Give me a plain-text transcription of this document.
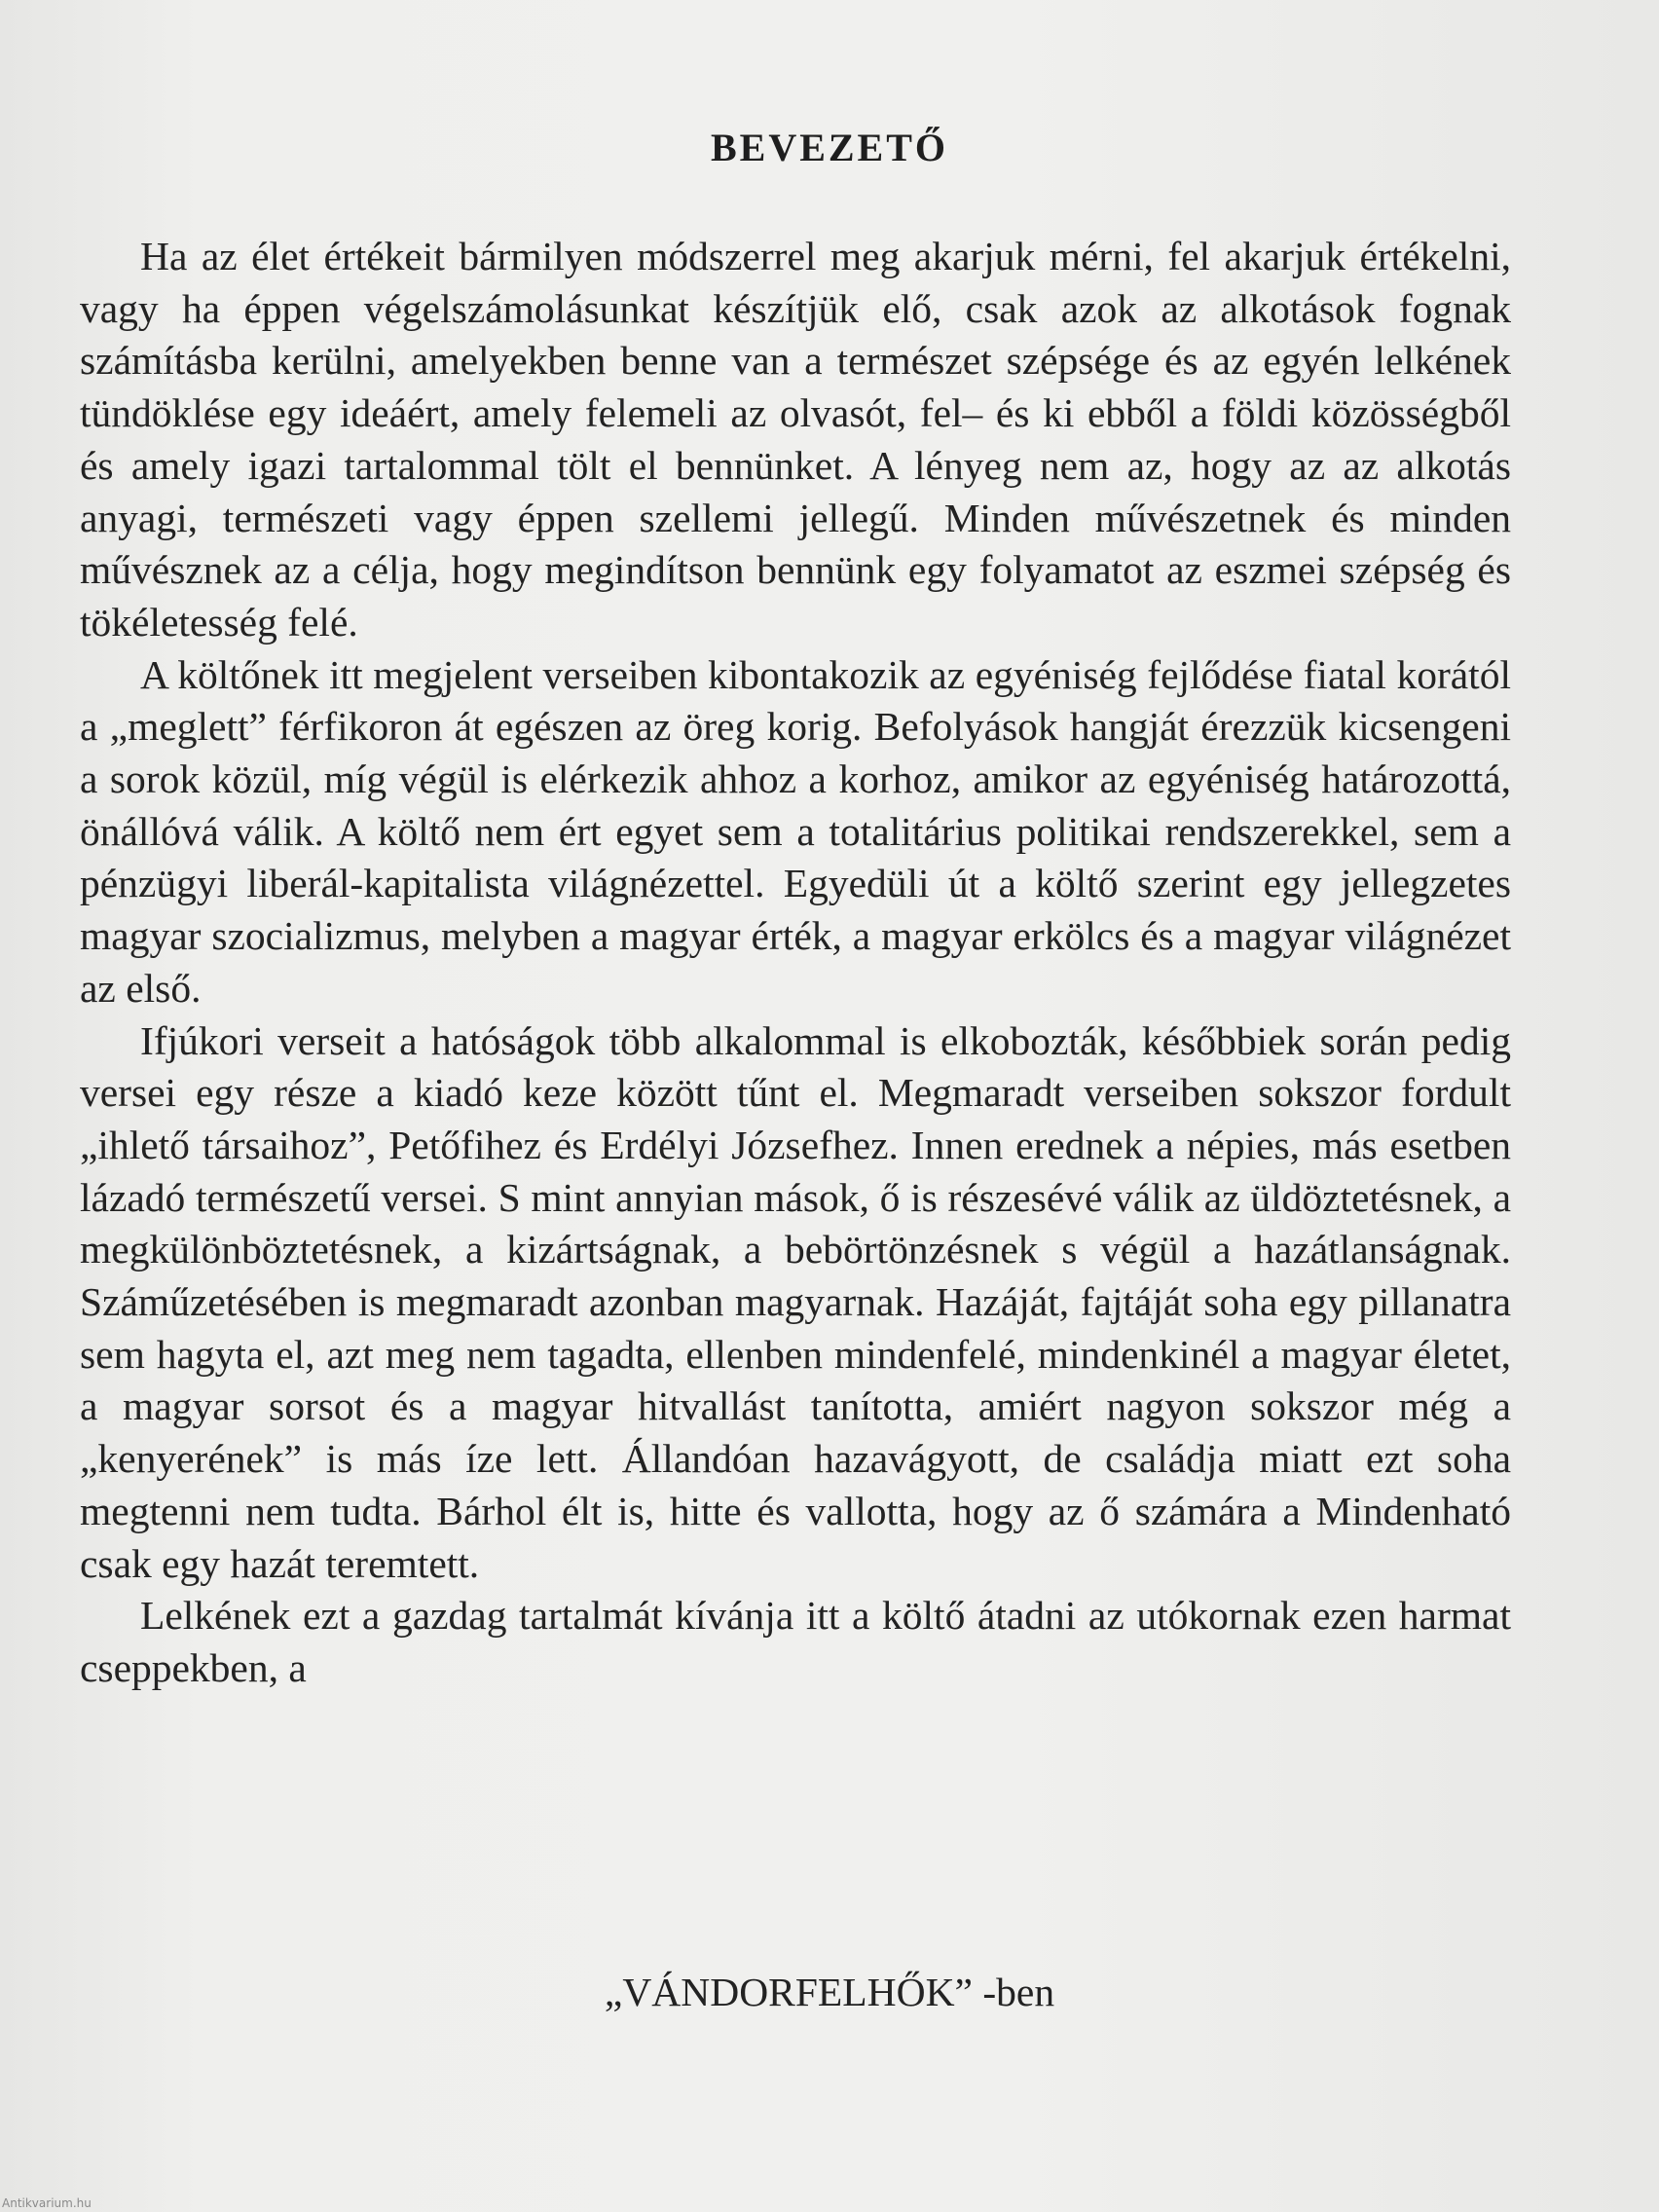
BEVEZETŐ

Ha az élet értékeit bármilyen módszerrel meg akarjuk mérni, fel akarjuk értékelni, vagy ha éppen végelszámolásunkat készítjük elő, csak azok az alkotások fognak számításba kerülni, amelyekben benne van a természet szépsége és az egyén lelkének tündöklése egy ideáért, amely felemeli az olvasót, fel– és ki ebből a földi közösségből és amely igazi tartalommal tölt el bennünket. A lényeg nem az, hogy az az alkotás anyagi, természeti vagy éppen szellemi jellegű. Minden művészetnek és minden művésznek az a célja, hogy megindítson bennünk egy folyamatot az eszmei szépség és tökéletesség felé.

A költőnek itt megjelent verseiben kibontakozik az egyéniség fejlődése fiatal korától a „meglett” férfikoron át egészen az öreg korig. Befolyások hangját érezzük kicsengeni a sorok közül, míg végül is elérkezik ahhoz a korhoz, amikor az egyéniség határozottá, önállóvá válik. A költő nem ért egyet sem a totalitárius politikai rendszerekkel, sem a pénzügyi liberál-kapitalista világnézettel. Egyedüli út a költő szerint egy jellegzetes magyar szocializmus, melyben a magyar érték, a magyar erkölcs és a magyar világnézet az első.

Ifjúkori verseit a hatóságok több alkalommal is elkobozták, későbbiek során pedig versei egy része a kiadó keze között tűnt el. Megmaradt verseiben sokszor fordult „ihlető társaihoz”, Petőfihez és Erdélyi Józsefhez. Innen erednek a népies, más esetben lázadó természetű versei. S mint annyian mások, ő is részesévé válik az üldöztetésnek, a megkülönböztetésnek, a kizártságnak, a bebörtönzésnek s végül a hazátlanságnak. Száműzetésében is megmaradt azonban magyarnak. Hazáját, fajtáját soha egy pillanatra sem hagyta el, azt meg nem tagadta, ellenben mindenfelé, mindenkinél a magyar életet, a magyar sorsot és a magyar hitvallást tanította, amiért nagyon sokszor még a „kenyerének” is más íze lett. Állandóan hazavágyott, de családja miatt ezt soha megtenni nem tudta. Bárhol élt is, hitte és vallotta, hogy az ő számára a Mindenható csak egy hazát teremtett.

Lelkének ezt a gazdag tartalmát kívánja itt a költő átadni az utókornak ezen harmat cseppekben, a

„VÁNDORFELHŐK” -ben
Antikvarium.hu
